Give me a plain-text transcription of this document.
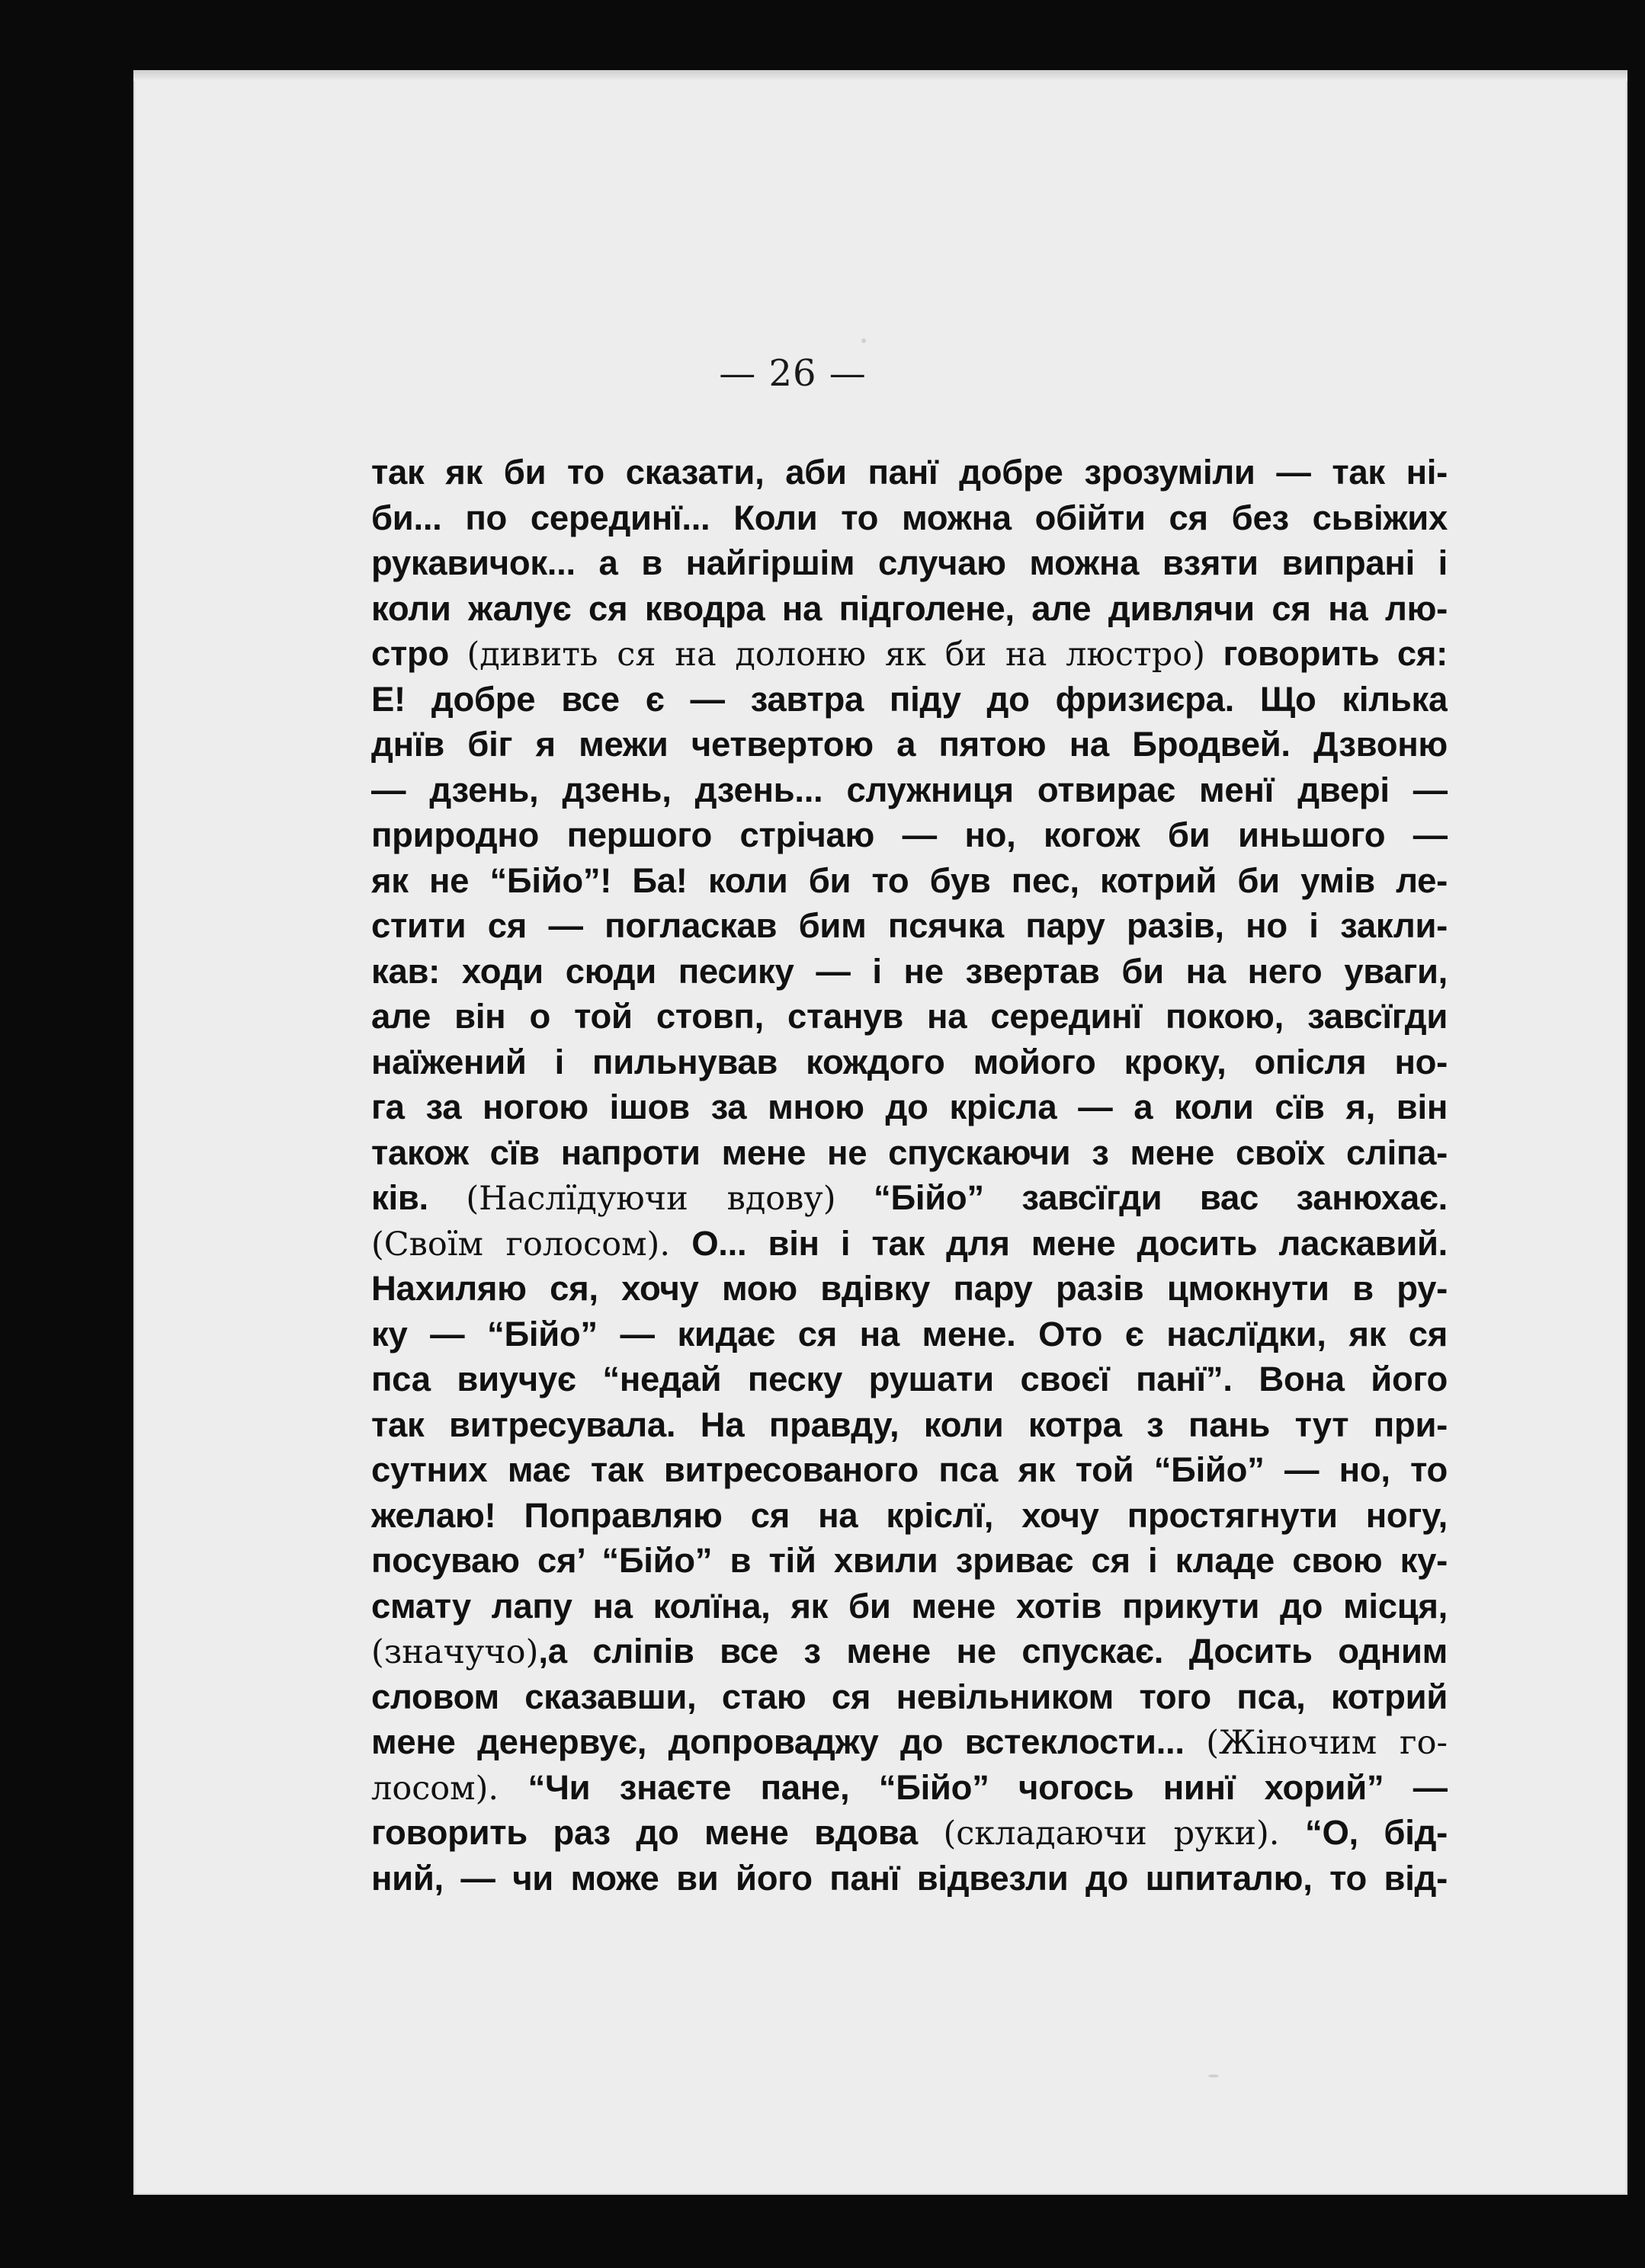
— 26 —
так як би то сказати, аби панї добре зрозуміли — так ні-
би... по серединї... Коли то можна обійти ся без сьвіжих
рукавичок... а в найгіршім случаю можна взяти випрані і
коли жалує ся кводра на підголене, але дивлячи ся на лю-
стро (дивить ся на долоню як би на люстро) говорить ся:
Е! добре все є — завтра піду до фризиєра. Що кілька
днїв біг я межи четвертою а пятою на Бродвей. Дзвоню
— дзень, дзень, дзень... служниця отвирає менї двері —
природно першого стрічаю — но, когож би иньшого —
як не “Бійо”! Ба! коли би то був пес, котрий би умів ле-
стити ся — погласкав бим псячка пару разів, но і закли-
кав: ходи сюди песику — і не звертав би на него уваги,
але він о той стовп, станув на серединї покою, завсїгди
наїжений і пильнував кождого мойого кроку, опісля но-
га за ногою ішов за мною до крісла — а коли сїв я, він
також сїв напроти мене не спускаючи з мене своїх сліпа-
ків. (Наслїдуючи вдову) “Бійо” завсїгди вас занюхає.
(Своїм голосом). О... він і так для мене досить ласкавий.
Нахиляю ся, хочу мою вдівку пару разів цмокнути в ру-
ку — “Бійо” — кидає ся на мене. Ото є наслїдки, як ся
пса виучує “недай песку рушати своєї панї”. Вона його
так витресувала. На правду, коли котра з пань тут при-
сутних має так витресованого пса як той “Бійо” — но, то
желаю! Поправляю ся на кріслї, хочу простягнути ногу,
посуваю ся’ “Бійо” в тій хвили зриває ся і кладе свою ку-
смату лапу на колїна, як би мене хотів прикути до місця,
(значучо),а сліпів все з мене не спускає. Досить одним
словом сказавши, стаю ся невільником того пса, котрий
мене денервує, допроваджу до встеклости... (Жіночим го-
лосом). “Чи знаєте пане, “Бійо” чогось нинї хорий” —
говорить раз до мене вдова (складаючи руки). “О, бід-
ний, — чи може ви його панї відвезли до шпиталю, то від-
